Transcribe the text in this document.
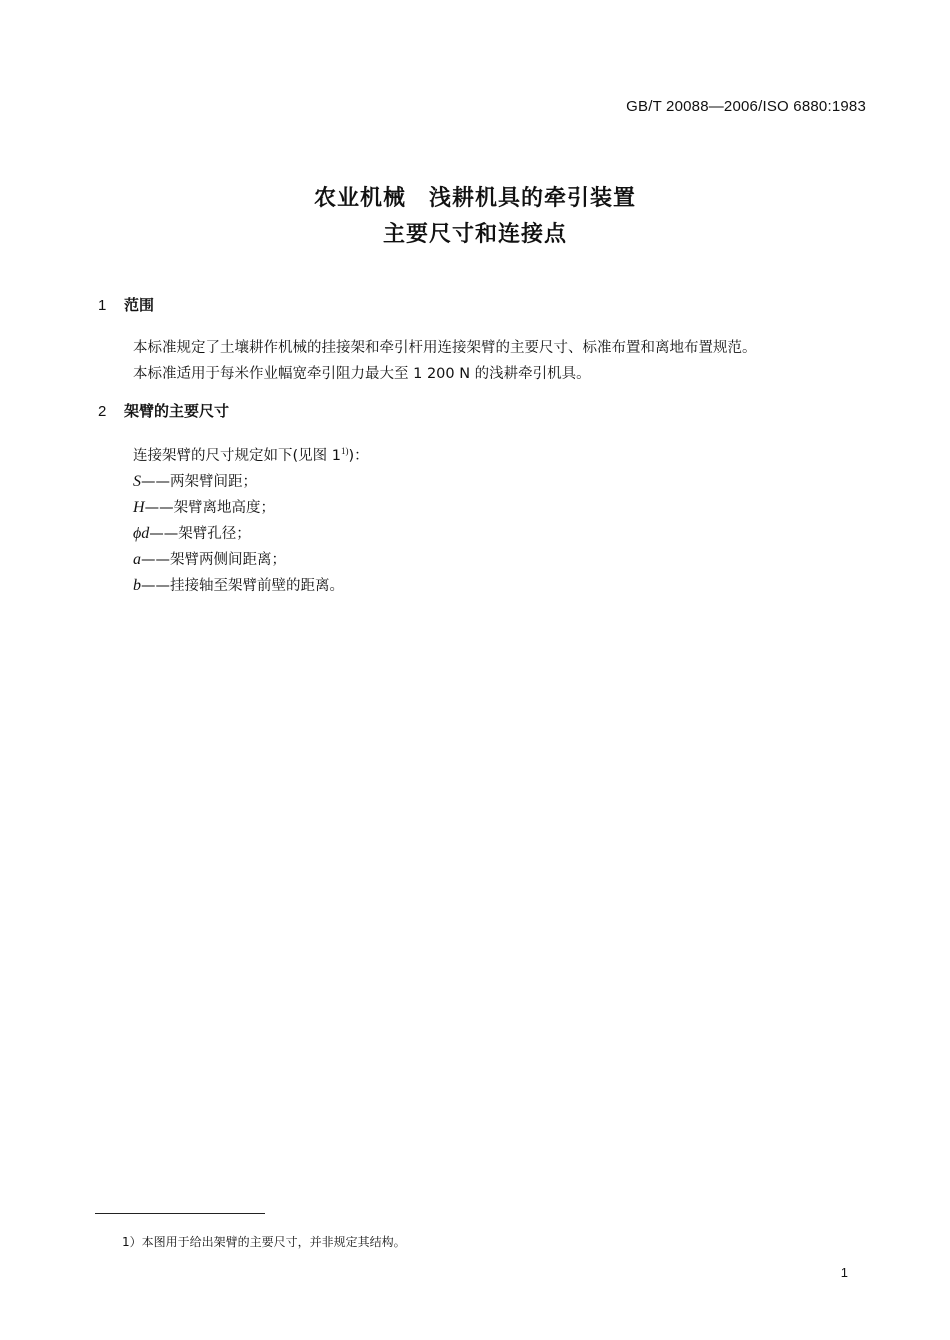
GB/T 20088—2006/ISO 6880:1983
农业机械　浅耕机具的牵引装置
主要尺寸和连接点
1 范围
本标准规定了土壤耕作机械的挂接架和牵引杆用连接架臂的主要尺寸、标准布置和离地布置规范。
本标准适用于每米作业幅宽牵引阻力最大至 1 200 N 的浅耕牵引机具。
2 架臂的主要尺寸
连接架臂的尺寸规定如下(见图 1$^{1)}$)：
S——两架臂间距；
H——架臂离地高度；
ϕd——架臂孔径；
a——架臂两侧间距离；
b——挂接轴至架臂前壁的距离。
1）本图用于给出架臂的主要尺寸，并非规定其结构。
1
